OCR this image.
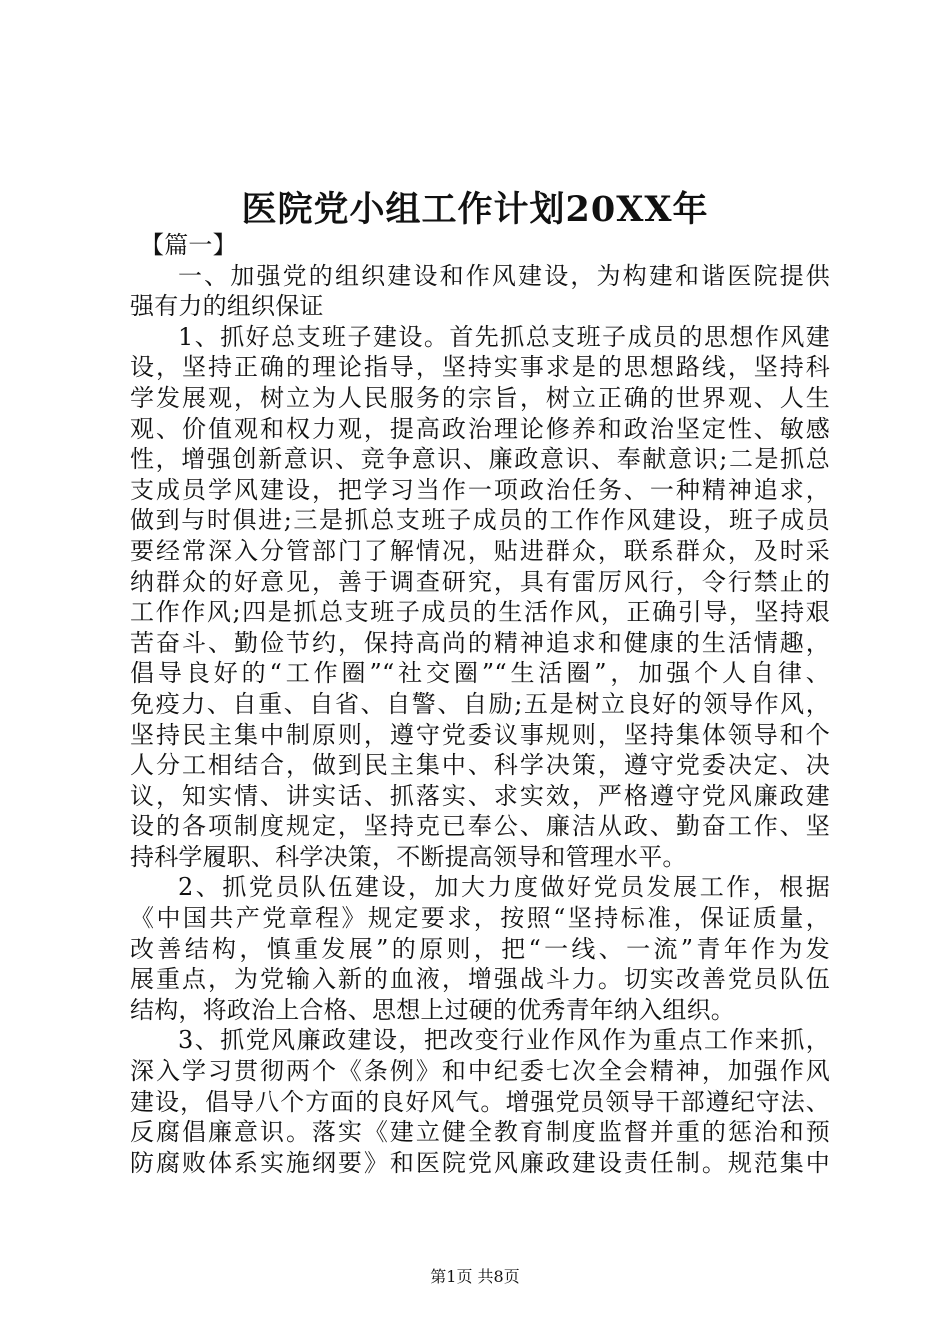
医院党小组工作计划20XX年
【篇一】
一、加强党的组织建设和作风建设，为构建和谐医院提供
强有力的组织保证
1、抓好总支班子建设。首先抓总支班子成员的思想作风建
设，坚持正确的理论指导，坚持实事求是的思想路线，坚持科
学发展观，树立为人民服务的宗旨，树立正确的世界观、人生
观、价值观和权力观，提高政治理论修养和政治坚定性、敏感
性，增强创新意识、竞争意识、廉政意识、奉献意识;二是抓总
支成员学风建设，把学习当作一项政治任务、一种精神追求，
做到与时俱进;三是抓总支班子成员的工作作风建设，班子成员
要经常深入分管部门了解情况，贴进群众，联系群众，及时采
纳群众的好意见，善于调查研究，具有雷厉风行，令行禁止的
工作作风;四是抓总支班子成员的生活作风，正确引导，坚持艰
苦奋斗、勤俭节约，保持高尚的精神追求和健康的生活情趣，
倡导良好的“工作圈”“社交圈”“生活圈”，加强个人自律、
免疫力、自重、自省、自警、自励;五是树立良好的领导作风，
坚持民主集中制原则，遵守党委议事规则，坚持集体领导和个
人分工相结合，做到民主集中、科学决策，遵守党委决定、决
议，知实情、讲实话、抓落实、求实效，严格遵守党风廉政建
设的各项制度规定，坚持克已奉公、廉洁从政、勤奋工作、坚
持科学履职、科学决策，不断提高领导和管理水平。
2、抓党员队伍建设，加大力度做好党员发展工作，根据
《中国共产党章程》规定要求，按照“坚持标准，保证质量，
改善结构，慎重发展”的原则，把“一线、一流”青年作为发
展重点，为党输入新的血液，增强战斗力。切实改善党员队伍
结构，将政治上合格、思想上过硬的优秀青年纳入组织。
3、抓党风廉政建设，把改变行业作风作为重点工作来抓，
深入学习贯彻两个《条例》和中纪委七次全会精神，加强作风
建设，倡导八个方面的良好风气。增强党员领导干部遵纪守法、
反腐倡廉意识。落实《建立健全教育制度监督并重的惩治和预
防腐败体系实施纲要》和医院党风廉政建设责任制。规范集中
第1页 共8页
